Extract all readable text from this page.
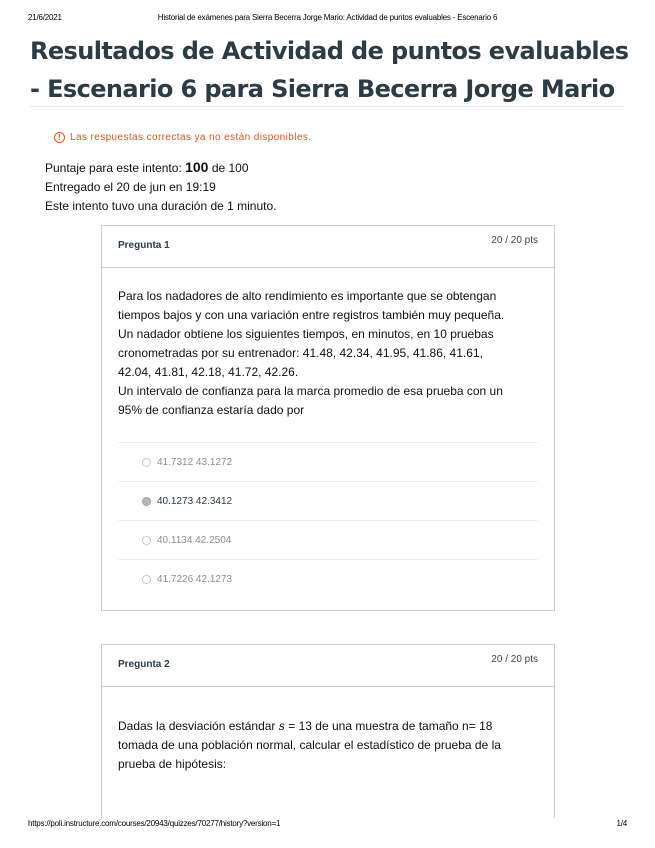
21/6/2021	Historial de exámenes para Sierra Becerra Jorge Mario: Actividad de puntos evaluables - Escenario 6
Resultados de Actividad de puntos evaluables - Escenario 6 para Sierra Becerra Jorge Mario
! Las respuestas correctas ya no están disponibles.
Puntaje para este intento: 100 de 100
Entregado el 20 de jun en 19:19
Este intento tuvo una duración de 1 minuto.
Pregunta 1	20 / 20 pts
Para los nadadores de alto rendimiento es importante que se obtengan
tiempos bajos y con una variación entre registros también muy pequeña.
Un nadador obtiene los siguientes tiempos, en minutos, en 10 pruebas
cronometradas por su entrenador: 41.48, 42.34, 41.95, 41.86, 41.61,
42.04, 41.81, 42.18, 41.72, 42.26.
Un intervalo de confianza para la marca promedio de esa prueba con un
95% de confianza estaría dado por
41.7312 43.1272
40.1273 42.3412
40.1134 42.2504
41.7226 42.1273
Pregunta 2	20 / 20 pts
Dadas la desviación estándar s = 13 de una muestra de tamaño n= 18
tomada de una población normal, calcular el estadístico de prueba de la
prueba de hipótesis:
https://poli.instructure.com/courses/20943/quizzes/70277/history?version=1	1/4
